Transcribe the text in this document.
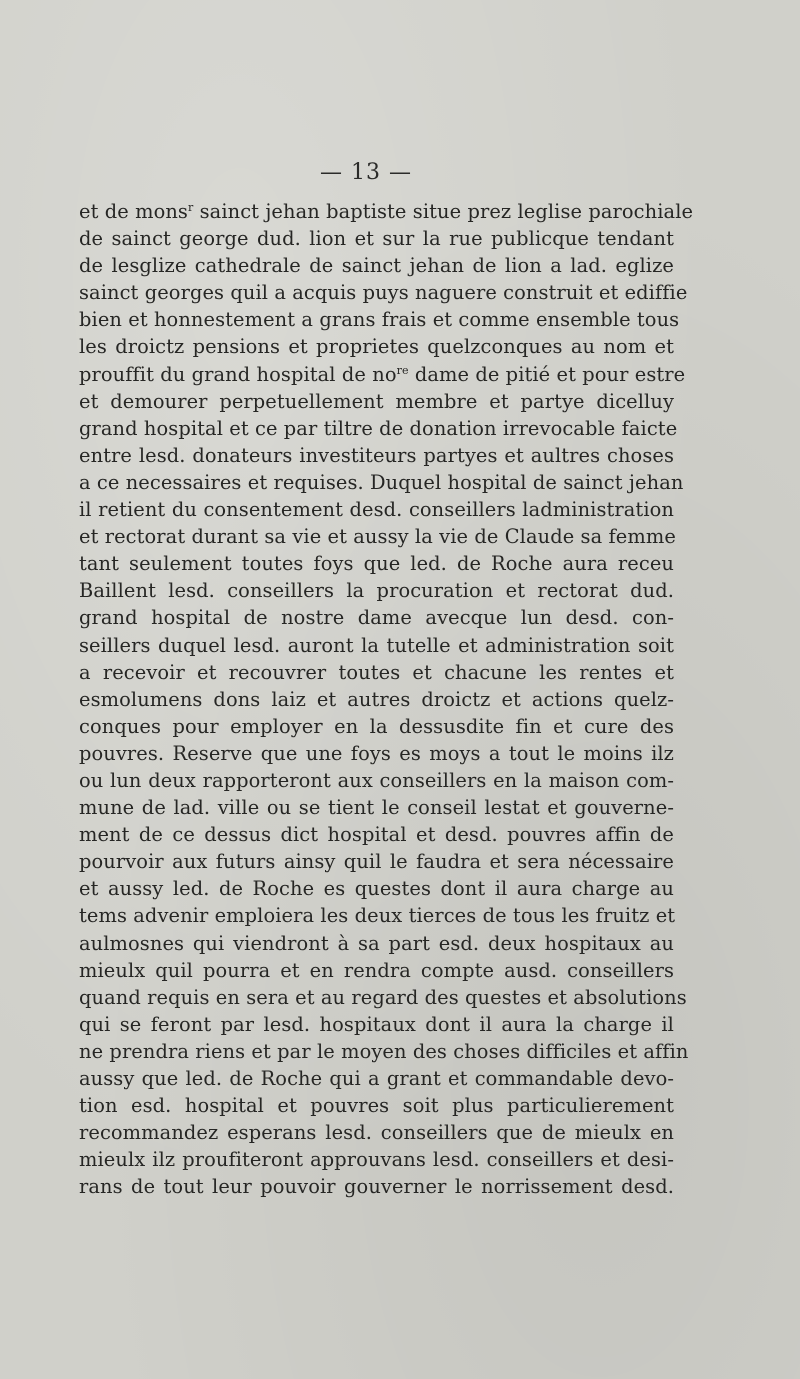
— 13 —
et de mons$^r$ sainct jehan baptiste situe prez leglise parochiale
de sainct george dud. lion et sur la rue publicque tendant
de lesglize cathedrale de sainct jehan de lion a lad. eglize
sainct georges quil a acquis puys naguere construit et ediffie
bien et honnestement a grans frais et comme ensemble tous
les droictz pensions et proprietes quelzconques au nom et
prouffit du grand hospital de $no^{re}$ dame de pitié et pour estre
et demourer perpetuellement membre et partye dicelluy
grand hospital et ce par tiltre de donation irrevocable faicte
entre lesd. donateurs investiteurs partyes et aultres choses
a ce necessaires et requises. Duquel hospital de sainct jehan
il retient du consentement desd. conseillers ladministration
et rectorat durant sa vie et aussy la vie de Claude sa femme
tant seulement toutes foys que led. de Roche aura receu
Baillent lesd. conseillers la procuration et rectorat dud.
grand hospital de nostre dame avecque lun desd. con-
seillers duquel lesd. auront la tutelle et administration soit
a recevoir et recouvrer toutes et chacune les rentes et
esmolumens dons laiz et autres droictz et actions quelz-
conques pour employer en la dessusdite fin et cure des
pouvres. Reserve que une foys es moys a tout le moins ilz
ou lun deux rapporteront aux conseillers en la maison com-
mune de lad. ville ou se tient le conseil lestat et gouverne-
ment de ce dessus dict hospital et desd. pouvres affin de
pourvoir aux futurs ainsy quil le faudra et sera nécessaire
et aussy led. de Roche es questes dont il aura charge au
tems advenir emploiera les deux tierces de tous les fruitz et
aulmosnes qui viendront à sa part esd. deux hospitaux au
mieulx quil pourra et en rendra compte ausd. conseillers
quand requis en sera et au regard des questes et absolutions
qui se feront par lesd. hospitaux dont il aura la charge il
ne prendra riens et par le moyen des choses difficiles et affin
aussy que led. de Roche qui a grant et commandable devo-
tion esd. hospital et pouvres soit plus particulierement
recommandez esperans lesd. conseillers que de mieulx en
mieulx ilz proufiteront approuvans lesd. conseillers et desi-
rans de tout leur pouvoir gouverner le norrissement desd.
